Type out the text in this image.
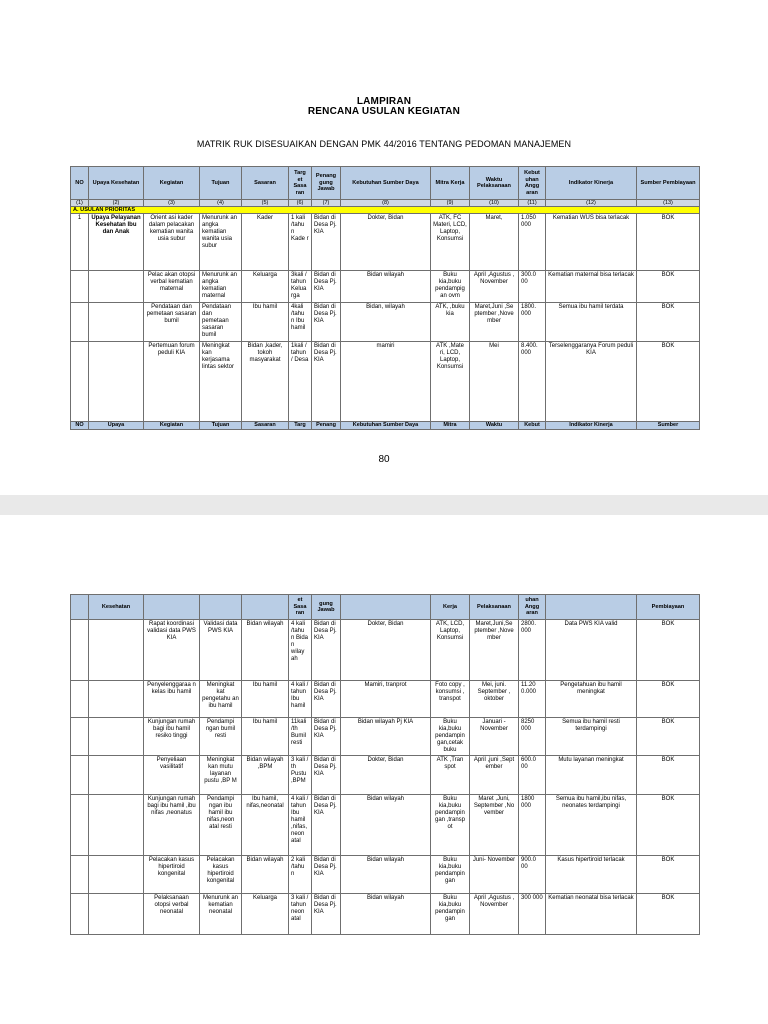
LAMPIRAN
RENCANA USULAN KEGIATAN
MATRIK RUK DISESUAIKAN DENGAN PMK 44/2016 TENTANG PEDOMAN MANAJEMEN
NO	Upaya Kesehatan	Kegiatan	Tujuan	Sasaran	Targ et Sasa ran	Penang gung Jawab	Kebutuhan Sumber Daya	Mitra Kerja	Waktu Pelaksanaan	Kebut uhan Angg aran	Indikator Kinerja	Sumber Pembiayaan
(1)	(2)	(3)	(4)	(5)	(6)	(7)	(8)	(9)	(10)	(11)	(12)	(13)
A. USULAN PRIORITAS												
1	Upaya Pelayanan Kesehatan Ibu dan Anak	Orient asi kader dalam pelacakan kematian wanita usia subur	Menurunk an angka kematian wanita usia subur	Kader	1 kali /tahu n Kade r	Bidan di Desa Pj. KIA	Dokter, Bidan	ATK, FC Materi, LCD, Laptop, Konsumsi	Maret,	1.050 000	Kematian WUS bisa terlacak	BOK
		Pelac akan otopsi verbal kematian maternal	Menurunk an angka kematian maternal	Keluarga	3kali / tahun Kelua rga	Bidan di Desa Pj. KIA	Bidan wilayah	Buku kia,buku pendampig an ovm	April ,Agustus , November	300.0 00	Kematian maternal bisa terlacak	BOK
		Pendataan dan pemetaan sasaran bumil	Pendataan dan pemetaan sasaran bumil	Ibu hamil	4kali /tahu n Ibu hamil	Bidan di Desa Pj. KIA	Bidan, wilayah	ATK, ,buku kia	Maret,Juni ,Se ptember ,Nove mber	1800. 000	Semua ibu hamil terdata	BOK
		Pertemuan forum peduli KIA	Meningkat kan kerjasama lintas sektor	Bidan ,kader, tokoh masyarakat	1kali / tahun / Desa	Bidan di Desa Pj. KIA	mamiri	ATK ,Mate ri, LCD, Laptop, Konsumsi	Mei	8.400. 000	Terselenggaranya Forum peduli KIA	BOK
NO	Upaya	Kegiatan	Tujuan	Sasaran	Targ	Penang	Kebutuhan Sumber Daya	Mitra	Waktu	Kebut	Indikator Kinerja	Sumber
80
	Kesehatan				et Sasa ran	gung Jawab		Kerja	Pelaksanaan	uhan Angg aran		Pembiayaan
		Rapat koordinasi validasi data PWS KIA	Validasi data PWS KIA	Bidan wilayah	4 kali /tahu n Bida n wilay ah	Bidan di Desa Pj. KIA	Dokter, Bidan	ATK, LCD, Laptop, Konsumsi	Maret,Juni,Se ptember ,Nove mber	2800. 000	Data PWS KIA valid	BOK
		Penyelenggaraa n kelas ibu hamil	Meningkat kat pengetahu an ibu hamil	Ibu hamil	4 kali / tahun Ibu hamil	Bidan di Desa Pj. KIA	Mamiri, tranprot	Foto copy , konsumsi , transpot	Mei, juni. September , oktober	11.20 0.000	Pengetahuan ibu hamil meningkat	BOK
		Kunjungan rumah bagi ibu hamil resiko tinggi	Pendampi ngan bumil resti	Ibu hamil	11kali /th Bumil resti	Bidan di Desa Pj. KIA	Bidan wilayah Pj KIA	Buku kia,buku pendampin gan,cetak buku	Januari - November	8250 000	Semua ibu hamil resti terdampingi	BOK
		Penyeliaan vasilitatif	Meningkat kan mutu layanan pustu ,BP M	Bidan wilayah ,BPM	3 kali / th Pustu ,BPM	Bidan di Desa Pj. KIA	Dokter, Bidan	ATK ,Tran spot	April ,juni ,Sept ember	600.0 00	Mutu layanan meningkat	BOK
		Kunjungan rumah bagi ibu hamil ,ibu nifas ,neonatus	Pendampi ngan ibu hamil ibu nifas,neon atal resti	Ibu hamil, nifas,neonatal	4 kali / tahun Ibu hamil ,nifas, neon atal	Bidan di Desa Pj. KIA	Bidan wilayah	Buku kia,buku pendampin gan ,transp ot	Maret ,Juni, September ,No vember	1800 000	Semua ibu hamil,ibu nifas, neonates terdampingi	BOK
		Pelacakan kasus hipertiroid kongenital	Pelacakan kasus hipertiroid kongenital	Bidan wilayah	2 kali /tahu n	Bidan di Desa Pj. KIA	Bidan wilayah	Buku kia,buku pendampin gan	Juni- November	900.0 00	Kasus hipertiroid terlacak	BOK
		Pelaksanaan otopsi verbal neonatal	Menurunk an kematian neonatal	Keluarga	3 kali / tahun neon atal	Bidan di Desa Pj. KIA	Bidan wilayah	Buku kia,buku pendampin gan	April ,Agustus , November	300 000	Kematian neonatal bisa terlacak	BOK
